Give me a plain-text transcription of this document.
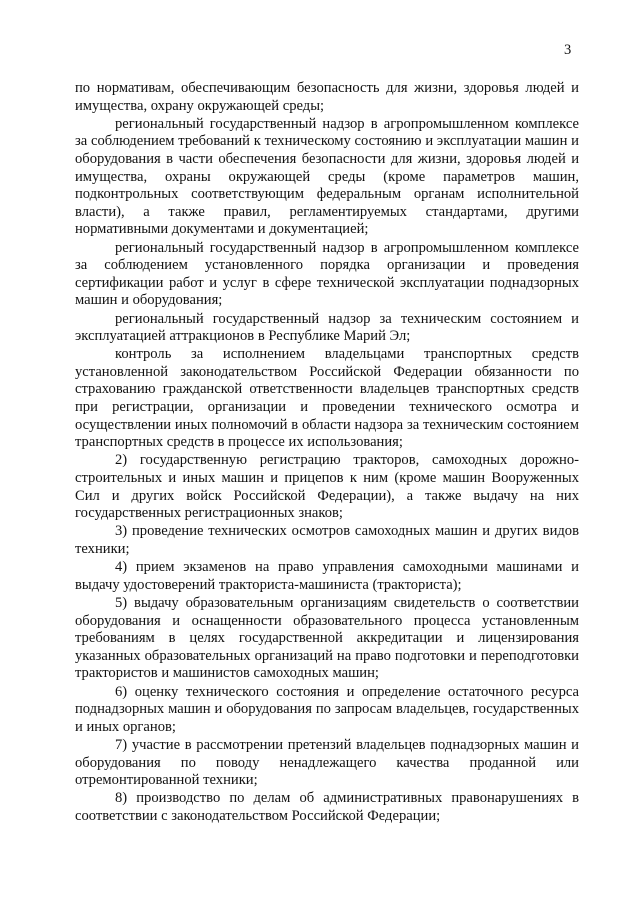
3

по нормативам, обеспечивающим безопасность для жизни, здоровья людей и имущества, охрану окружающей среды;

региональный государственный надзор в агропромышленном комплексе за соблюдением требований к техническому состоянию и эксплуатации машин и оборудования в части обеспечения безопасности для жизни, здоровья людей и имущества, охраны окружающей среды (кроме параметров машин, подконтрольных соответствующим федеральным органам исполнительной власти), а также правил, регламентируемых стандартами, другими нормативными документами и документацией;

региональный государственный надзор в агропромышленном комплексе за соблюдением установленного порядка организации и проведения сертификации работ и услуг в сфере технической эксплуатации поднадзорных машин и оборудования;

региональный государственный надзор за техническим состоянием и эксплуатацией аттракционов в Республике Марий Эл;

контроль за исполнением владельцами транспортных средств установленной законодательством Российской Федерации обязанности по страхованию гражданской ответственности владельцев транспортных средств при регистрации, организации и проведении технического осмотра и осуществлении иных полномочий в области надзора за техническим состоянием транспортных средств в процессе их использования;

2) государственную регистрацию тракторов, самоходных дорожно-строительных и иных машин и прицепов к ним (кроме машин Вооруженных Сил и других войск Российской Федерации), а также выдачу на них государственных регистрационных знаков;

3) проведение технических осмотров самоходных машин и других видов техники;

4) прием экзаменов на право управления самоходными машинами и выдачу удостоверений тракториста-машиниста (тракториста);

5) выдачу образовательным организациям свидетельств о соответствии оборудования и оснащенности образовательного процесса установленным требованиям в целях государственной аккредитации и лицензирования указанных образовательных организаций на право подготовки и переподготовки трактористов и машинистов самоходных машин;

6) оценку технического состояния и определение остаточного ресурса поднадзорных машин и оборудования по запросам владельцев, государственных и иных органов;

7) участие в рассмотрении претензий владельцев поднадзорных машин и оборудования по поводу ненадлежащего качества проданной или отремонтированной техники;

8) производство по делам об административных правонарушениях в соответствии с законодательством Российской Федерации;
